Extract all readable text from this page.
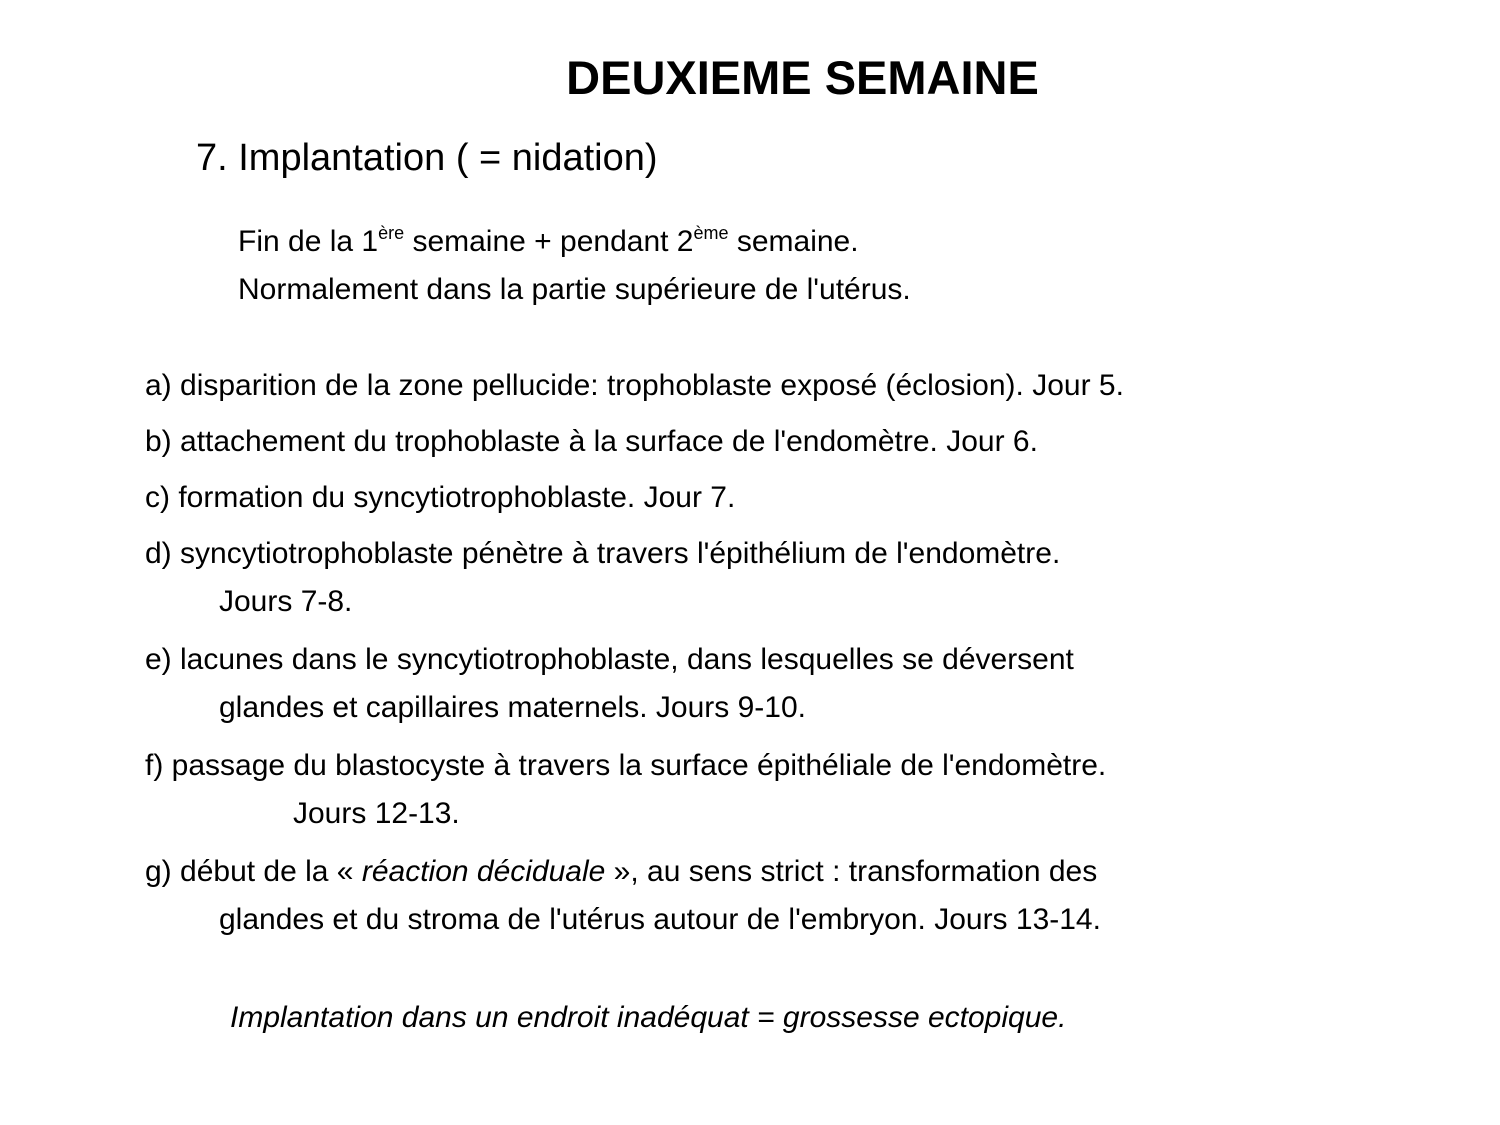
DEUXIEME SEMAINE
7. Implantation ( = nidation)
Fin de la 1ère semaine + pendant 2ème semaine.
Normalement dans la partie supérieure de l'utérus.
a) disparition de la zone pellucide: trophoblaste exposé (éclosion). Jour 5.
b) attachement du trophoblaste à la surface de l'endomètre. Jour 6.
c) formation du syncytiotrophoblaste. Jour 7.
d) syncytiotrophoblaste pénètre à travers l'épithélium de l'endomètre.
Jours 7-8.
e) lacunes dans le syncytiotrophoblaste, dans lesquelles se déversent
glandes et capillaires maternels. Jours 9-10.
f) passage du blastocyste à travers la surface épithéliale de l'endomètre.
Jours 12-13.
g) début de la « réaction déciduale », au sens strict : transformation des
glandes et du stroma de l'utérus autour de l'embryon. Jours 13-14.
Implantation dans un endroit inadéquat = grossesse ectopique.
